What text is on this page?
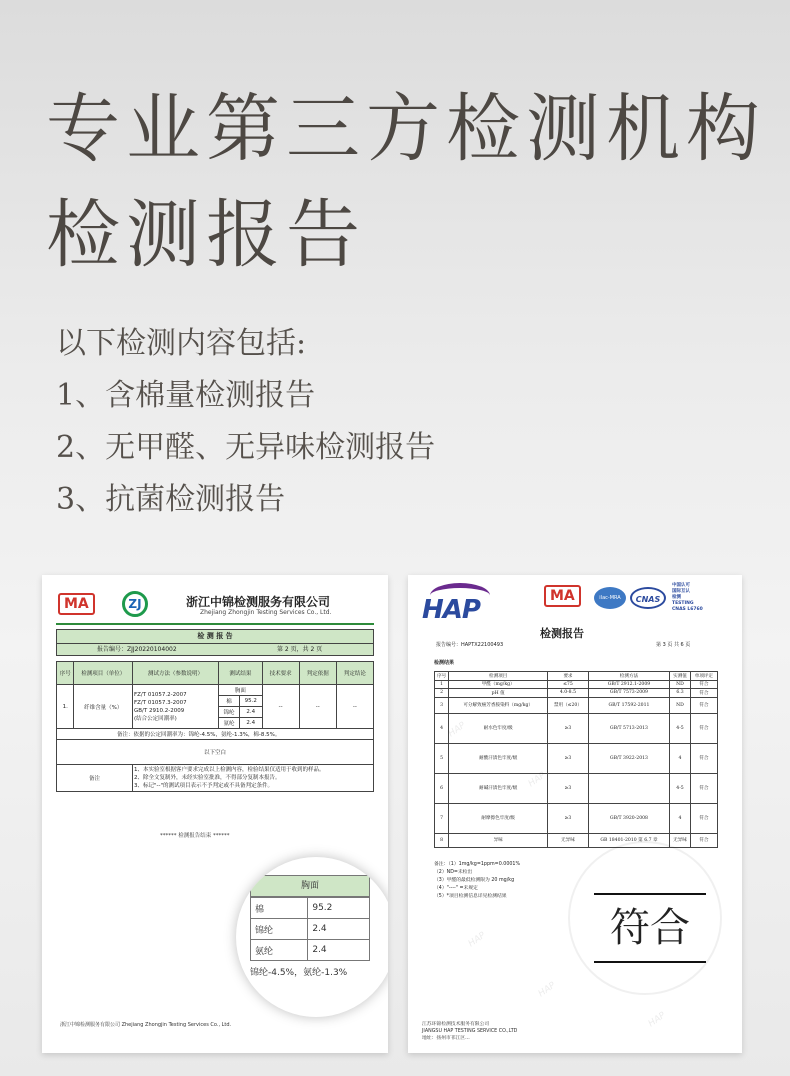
专业第三方检测机构
检测报告
以下检测内容包括:
1、含棉量检测报告
2、无甲醛、无异味检测报告
3、抗菌检测报告
MA	ZJ	浙江中锦检测服务有限公司
Zhejiang Zhongjin Testing Services Co., Ltd.
检 测 报 告
报告编号：ZJJ20220104002	第 2 页，共 2 页
序号	检测项目（单位）	测试方法（参数说明）	测试结果		技术要求	判定依据	判定结论
1.	纤维含量（%）	FZ/T 01057.2-2007
FZ/T 01057.3-2007
GB/T 2910.2-2009
(结合公定回潮率)	胸面		--	--	--
			棉	95.2			
			锦纶	2.4			
			氨纶	2.4			
备注：依据的公定回潮率为：锦纶-4.5%，氨纶-1.3%，棉-8.5%。							
以下空白							
备注		1、本实验室根据客户要求完成以上检测内容，检验结果仅适用于收到的样品。
2、除全文复制外，未经实验室批准，不得部分复制本报告。
3、标记"--"的测试项目表示不予判定或不具备判定条件。					
****** 检测报告结束 ******
胸面
棉	95.2
锦纶	2.4
氨纶	2.4
锦纶-4.5%，氨纶-1.3%
浙江中锦检测服务有限公司 Zhejiang Zhongjin Testing Services Co., Ltd.
HAP	MA	ilac-MRA	CNAS
中国认可
国际互认
检测
TESTING
CNAS L6760
检测报告
报告编号：HAPTX22100493	第 3 页 共 6 页
检测结果
序号	检测项目	要求	检测方法	实测值	单项评定
1	甲醛（mg/kg）	≤75	GB/T 2912.1-2009	ND	符合
2	pH 值	4.0-8.5	GB/T 7573-2009	6.3	符合
3	可分解致癌芳香胺染料（mg/kg）	禁用（≤20）	GB/T 17592-2011	ND	符合
4	耐水色牢度/级	≥3	GB/T 5713-2013	4-5	符合
5	耐酸汗渍色牢度/级	≥3	GB/T 3922-2013	4	符合
6	耐碱汗渍色牢度/级	≥3		4-5	符合
7	耐摩擦色牢度/级	≥3	GB/T 3920-2008	4	符合
8	异味	无异味	GB 18401-2010 第 6.7 章	无异味	符合
备注：（1）1mg/kg=1ppm=0.0001%
（2）ND=未检出
（3）甲醛的最低检测限为 20 mg/kg
（4）"----" =未规定
（5）*项目检测信息详见检测结果
符合
HAP
HAP
HAP
HAP
HAP
江苏环锦检测技术服务有限公司
JIANGSU HAP TESTING SERVICE CO.,LTD
地址：扬州市邗江区...
